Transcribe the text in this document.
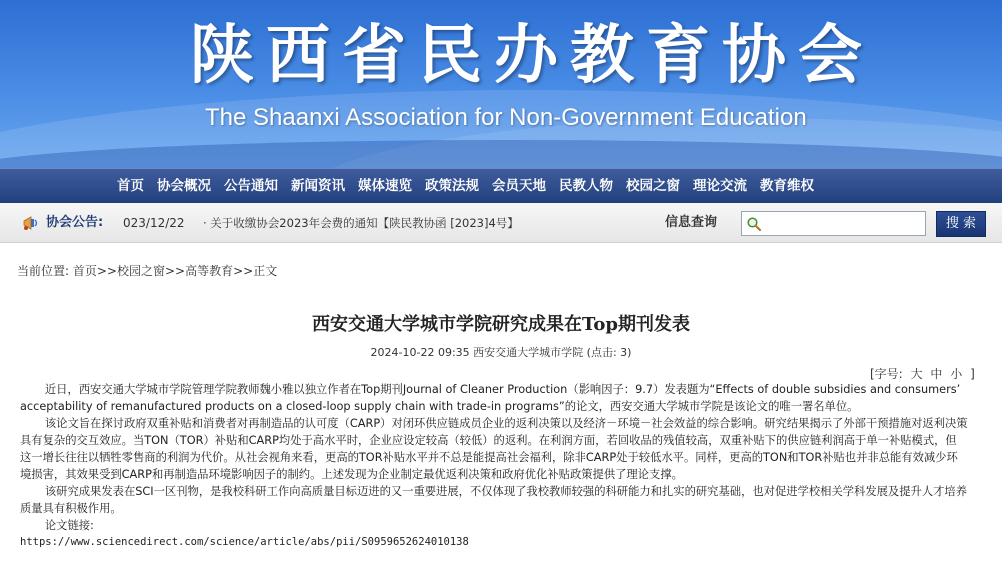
陕西省民办教育协会
The Shaanxi Association for Non-Government Education
首页 协会概况 公告通知 新闻资讯 媒体速览 政策法规 会员天地 民教人物 校园之窗 理论交流 教育维权
协会公告: 023/12/22 · 关于收缴协会2023年会费的通知【陕民教协函 [2023]4号】	信息查询	搜 索
当前位置: 首页>>校园之窗>>高等教育>>正文
西安交通大学城市学院研究成果在Top期刊发表
2024-10-22 09:35 西安交通大学城市学院 (点击: 3)
[字号: 大 中 小 ]

近日，西安交通大学城市学院管理学院教师魏小雅以独立作者在Top期刊Journal of Cleaner Production（影响因子：9.7）发表题为“Effects of double subsidies and consumers’ acceptability of remanufactured products on a closed-loop supply chain with trade-in programs”的论文，西安交通大学城市学院是该论文的唯一署名单位。

该论文旨在探讨政府双重补贴和消费者对再制造品的认可度（CARP）对闭环供应链成员企业的返利决策以及经济－环境－社会效益的综合影响。研究结果揭示了外部干预措施对返利决策具有复杂的交互效应。当TON（TOR）补贴和CARP均处于高水平时，企业应设定较高（较低）的返利。在利润方面，若回收品的残值较高，双重补贴下的供应链利润高于单一补贴模式，但这一增长往往以牺牲零售商的利润为代价。从社会视角来看，更高的TOR补贴水平并不总是能提高社会福利，除非CARP处于较低水平。同样，更高的TON和TOR补贴也并非总能有效减少环境损害，其效果受到CARP和再制造品环境影响因子的制约。上述发现为企业制定最优返利决策和政府优化补贴政策提供了理论支撑。

该研究成果发表在SCI一区刊物，是我校科研工作向高质量目标迈进的又一重要进展，不仅体现了我校教师较强的科研能力和扎实的研究基础，也对促进学校相关学科发展及提升人才培养质量具有积极作用。

论文链接:

https://www.sciencedirect.com/science/article/abs/pii/S0959652624010138
